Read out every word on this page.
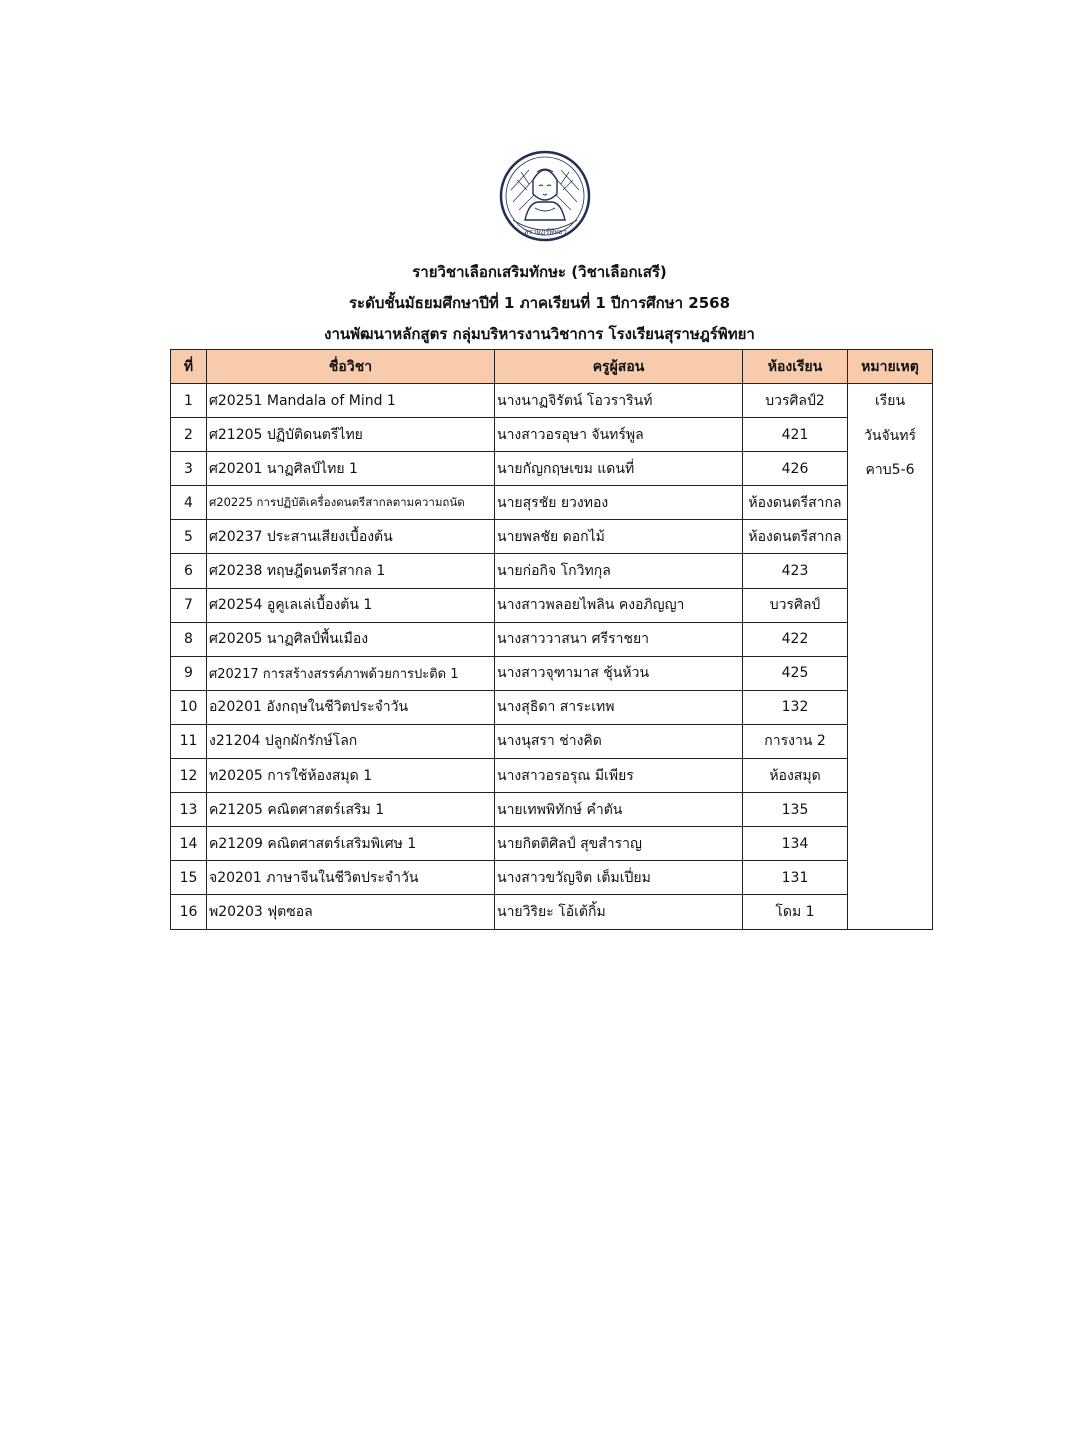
สุราษฎร์พิทยา
รายวิชาเลือกเสริมทักษะ (วิชาเลือกเสรี)
ระดับชั้นมัธยมศึกษาปีที่ 1 ภาคเรียนที่ 1 ปีการศึกษา 2568
งานพัฒนาหลักสูตร กลุ่มบริหารงานวิชาการ โรงเรียนสุราษฎร์พิทยา
ที่	ชื่อวิชา	ครูผู้สอน	ห้องเรียน	หมายเหตุ
1	ศ20251 Mandala of Mind 1	นางนาฏจิรัตน์ โอวรารินท์	บวรศิลป์2	เรียน
วันจันทร์
คาบ5-6

2	ศ21205 ปฏิบัติดนตรีไทย	นางสาวอรอุษา จันทร์พูล	421	
3	ศ20201 นาฏศิลป์ไทย 1	นายกัญกฤษเขม แดนที่	426	
4	ศ20225 การปฏิบัติเครื่องดนตรีสากลตามความถนัด	นายสุรชัย ยวงทอง	ห้องดนตรีสากล	
5	ศ20237 ประสานเสียงเบื้องต้น	นายพลชัย ดอกไม้	ห้องดนตรีสากล	
6	ศ20238 ทฤษฎีดนตรีสากล 1	นายก่อกิจ โกวิทกุล	423	
7	ศ20254 อูคูเลเล่เบื้องต้น 1	นางสาวพลอยไพลิน คงอภิญญา	บวรศิลป์	
8	ศ20205 นาฏศิลป์พื้นเมือง	นางสาววาสนา ศรีราชยา	422	
9	ศ20217 การสร้างสรรค์ภาพด้วยการปะติด 1	นางสาวจุฑามาส ชุ้นห้วน	425	
10	อ20201 อังกฤษในชีวิตประจำวัน	นางสุธิดา สาระเทพ	132	
11	ง21204 ปลูกผักรักษ์โลก	นางนุสรา ช่างคิด	การงาน 2	
12	ท20205 การใช้ห้องสมุด 1	นางสาวอรอรุณ มีเพียร	ห้องสมุด	
13	ค21205 คณิตศาสตร์เสริม 1	นายเทพพิทักษ์ คำตัน	135	
14	ค21209 คณิตศาสตร์เสริมพิเศษ 1	นายกิตติศิลป์ สุขสำราญ	134	
15	จ20201 ภาษาจีนในชีวิตประจำวัน	นางสาวขวัญจิต เต็มเปี่ยม	131	
16	พ20203 ฟุตซอล	นายวิริยะ โอ้เต้กิ้ม	โดม 1	
